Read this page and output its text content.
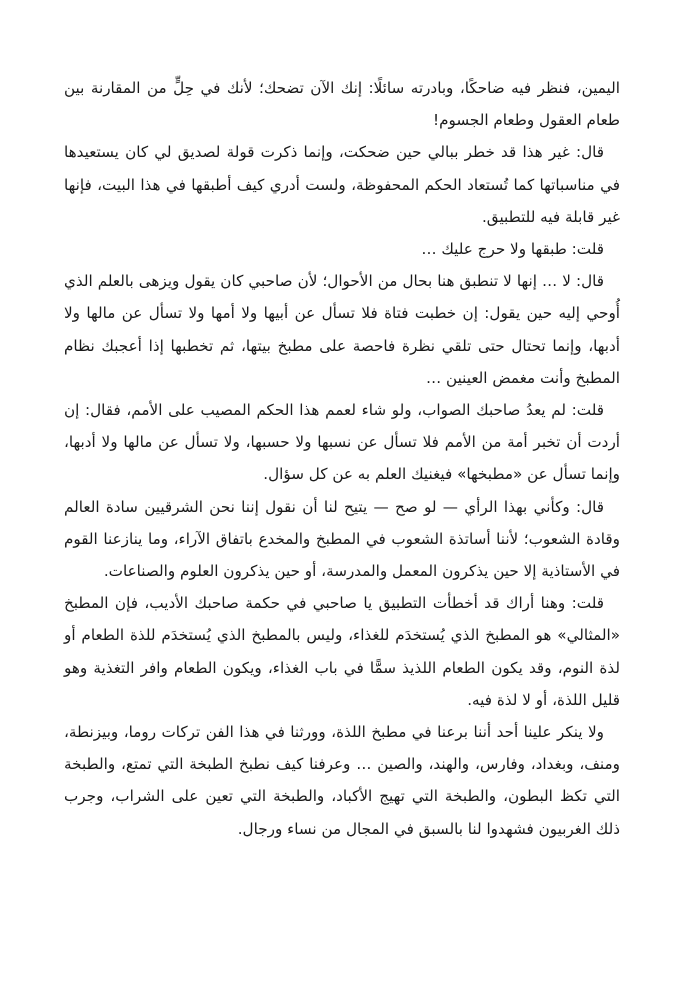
اليمين، فنظر فيه ضاحكًا، وبادرته سائلًا: إنك الآن تضحك؛ لأنك في حِلٍّ من المقارنة بين طعام العقول وطعام الجسوم!

قال: غير هذا قد خطر ببالي حين ضحكت، وإنما ذكرت قولة لصديق لي كان يستعيدها في مناسباتها كما تُستعاد الحكم المحفوظة، ولست أدري كيف أطبقها في هذا البيت، فإنها غير قابلة فيه للتطبيق.

قلت: طبقها ولا حرج عليك …

قال: لا … إنها لا تنطبق هنا بحال من الأحوال؛ لأن صاحبي كان يقول ويزهى بالعلم الذي أُوحي إليه حين يقول: إن خطبت فتاة فلا تسأل عن أبيها ولا أمها ولا تسأل عن مالها ولا أدبها، وإنما تحتال حتى تلقي نظرة فاحصة على مطبخ بيتها، ثم تخطبها إذا أعجبك نظام المطبخ وأنت مغمض العينين …

قلت: لم يعدُ صاحبك الصواب، ولو شاء لعمم هذا الحكم المصيب على الأمم، فقال: إن أردت أن تخبر أمة من الأمم فلا تسأل عن نسبها ولا حسبها، ولا تسأل عن مالها ولا أدبها، وإنما تسأل عن «مطبخها» فيغنيك العلم به عن كل سؤال.

قال: وكأني بهذا الرأي — لو صح — يتيح لنا أن نقول إننا نحن الشرقيين سادة العالم وقادة الشعوب؛ لأننا أساتذة الشعوب في المطبخ والمخدع باتفاق الآراء، وما ينازعنا القوم في الأستاذية إلا حين يذكرون المعمل والمدرسة، أو حين يذكرون العلوم والصناعات.

قلت: وهنا أراك قد أخطأت التطبيق يا صاحبي في حكمة صاحبك الأديب، فإن المطبخ «المثالي» هو المطبخ الذي يُستخدَم للغذاء، وليس بالمطبخ الذي يُستخدَم للذة الطعام أو لذة النوم، وقد يكون الطعام اللذيذ سمًّا في باب الغذاء، ويكون الطعام وافر التغذية وهو قليل اللذة، أو لا لذة فيه.

ولا ينكر علينا أحد أننا برعنا في مطبخ اللذة، وورثنا في هذا الفن تركات روما، وبيزنطة، ومنف، وبغداد، وفارس، والهند، والصين … وعرفنا كيف نطبخ الطبخة التي تمتع، والطبخة التي تكظ البطون، والطبخة التي تهيج الأكباد، والطبخة التي تعين على الشراب، وجرب ذلك الغربيون فشهدوا لنا بالسبق في المجال من نساء ورجال.
